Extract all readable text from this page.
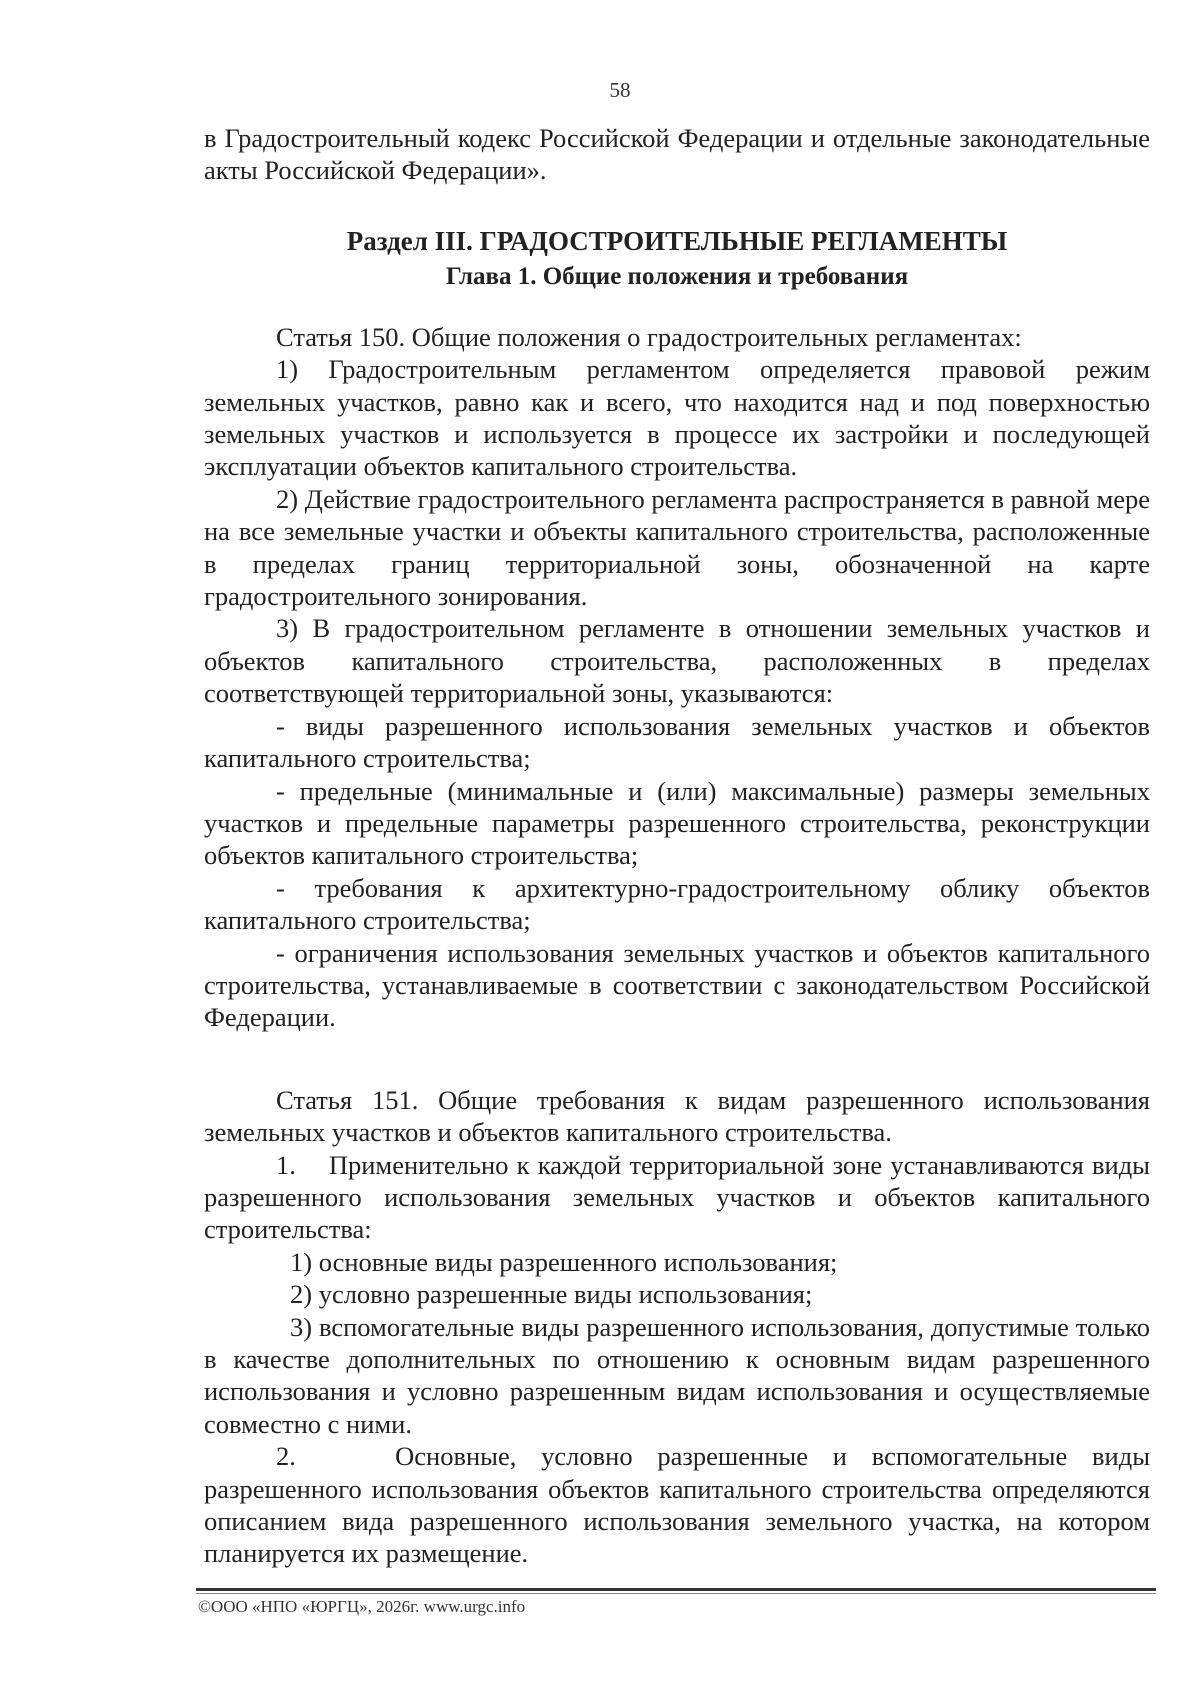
58

в Градостроительный кодекс Российской Федерации и отдельные законодательные акты Российской Федерации».

Раздел III. ГРАДОСТРОИТЕЛЬНЫЕ РЕГЛАМЕНТЫ
Глава 1. Общие положения и требования

Статья 150. Общие положения о градостроительных регламентах:

1) Градостроительным регламентом определяется правовой режим земельных участков, равно как и всего, что находится над и под поверхностью земельных участков и используется в процессе их застройки и последующей эксплуатации объектов капитального строительства.

2) Действие градостроительного регламента распространяется в равной мере на все земельные участки и объекты капитального строительства, расположенные в пределах границ территориальной зоны, обозначенной на карте градостроительного зонирования.

3) В градостроительном регламенте в отношении земельных участков и объектов капитального строительства, расположенных в пределах соответствующей территориальной зоны, указываются:

- виды разрешенного использования земельных участков и объектов капитального строительства;

- предельные (минимальные и (или) максимальные) размеры земельных участков и предельные параметры разрешенного строительства, реконструкции объектов капитального строительства;

- требования к архитектурно-градостроительному облику объектов капитального строительства;

- ограничения использования земельных участков и объектов капитального строительства, устанавливаемые в соответствии с законодательством Российской Федерации.

Статья 151. Общие требования к видам разрешенного использования земельных участков и объектов капитального строительства.

1.    Применительно к каждой территориальной зоне устанавливаются виды разрешенного использования земельных участков и объектов капитального строительства:

1) основные виды разрешенного использования;

2) условно разрешенные виды использования;

3) вспомогательные виды разрешенного использования, допустимые только в качестве дополнительных по отношению к основным видам разрешенного использования и условно разрешенным видам использования и осуществляемые совместно с ними.

2.    Основные, условно разрешенные и вспомогательные виды разрешенного использования объектов капитального строительства определяются описанием вида разрешенного использования земельного участка, на котором планируется их размещение.

©ООО «НПО «ЮРГЦ», 2026г. www.urgc.info
